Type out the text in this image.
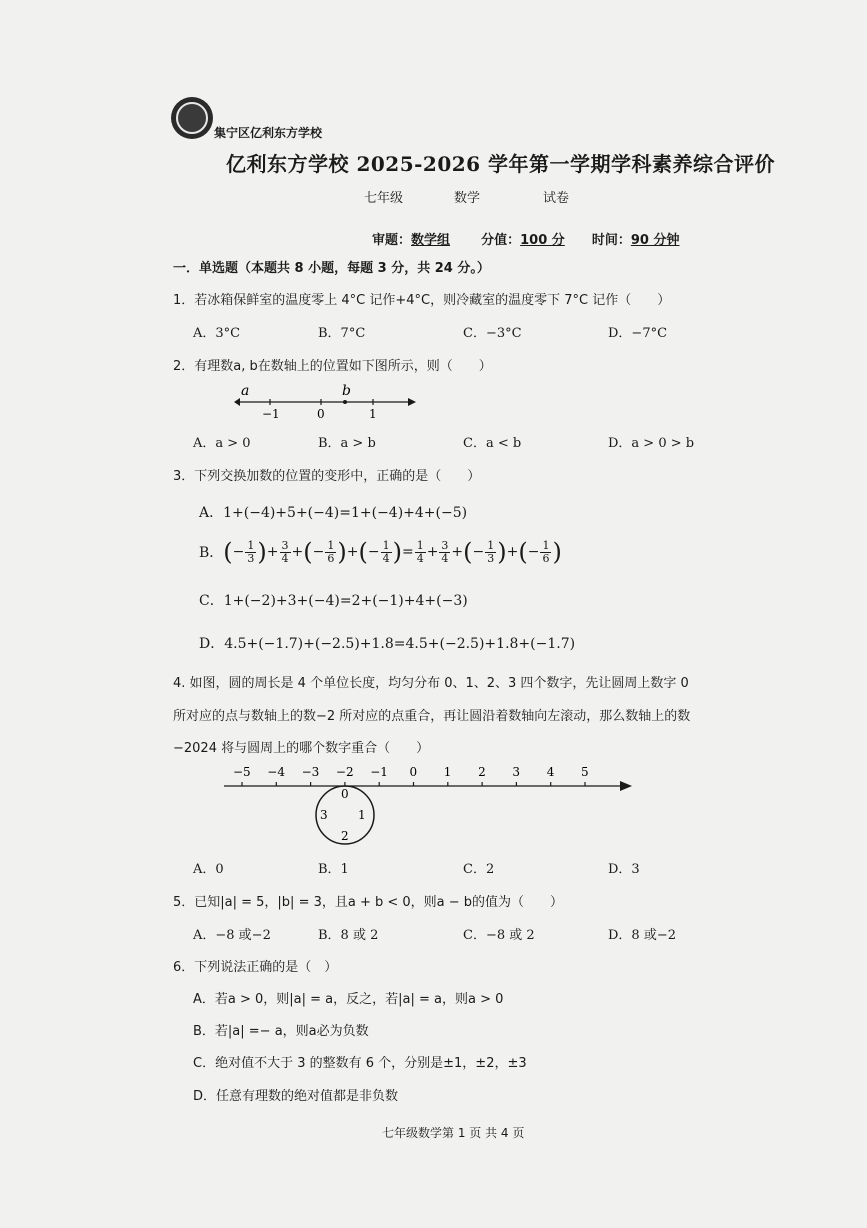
集宁区亿利东方学校
亿利东方学校 2025-2026 学年第一学期学科素养综合评价
七年级	数学	试卷
审题：数学组 分值：100 分 时间：90 分钟
一．单选题（本题共 8 小题，每题 3 分，共 24 分。）
1．若冰箱保鲜室的温度零上 4°C 记作+4°C，则冷藏室的温度零下 7°C 记作（　　）
A．3°C	B．7°C	C．−3°C	D．−7°C
2．有理数a, b在数轴上的位置如下图所示，则（　　）
a	b
−1	0	1
A．a > 0	B．a > b	C．a < b	D．a > 0 > b
3．下列交换加数的位置的变形中，正确的是（　　）
A．1+(−4)+5+(−4)=1+(−4)+4+(−5)
B． ( − $\frac{1}{3}$ ) + $\frac{3}{4}$ + ( − $\frac{1}{6}$ ) + ( − $\frac{1}{4}$ ) = $\frac{1}{4} + \frac{3}{4}$ + ( − $\frac{1}{3}$ ) + ( − $\frac{1}{6}$ )
C．1+(−2)+3+(−4)=2+(−1)+4+(−3)
D．4.5+(−1.7)+(−2.5)+1.8=4.5+(−2.5)+1.8+(−1.7)
4. 如图，圆的周长是 4 个单位长度，均匀分布 0、1、2、3 四个数字，先让圆周上数字 0
所对应的点与数轴上的数−2 所对应的点重合，再让圆沿着数轴向左滚动，那么数轴上的数
−2024 将与圆周上的哪个数字重合（　　）
−5 −4 −3 −2 −1 0 1 2 3 4 5
0
1
2
3
A．0	B．1	C．2	D．3
5．已知|a| = 5，|b| = 3，且a + b < 0，则a − b的值为（　　）
A．−8 或−2	B．8 或 2	C．−8 或 2	D．8 或−2
6．下列说法正确的是（　）
A．若a > 0，则|a| = a，反之，若|a| = a，则a > 0
B．若|a| =− a，则a必为负数
C．绝对值不大于 3 的整数有 6 个，分别是±1，±2，±3
D．任意有理数的绝对值都是非负数
七年级数学第 1 页 共 4 页
